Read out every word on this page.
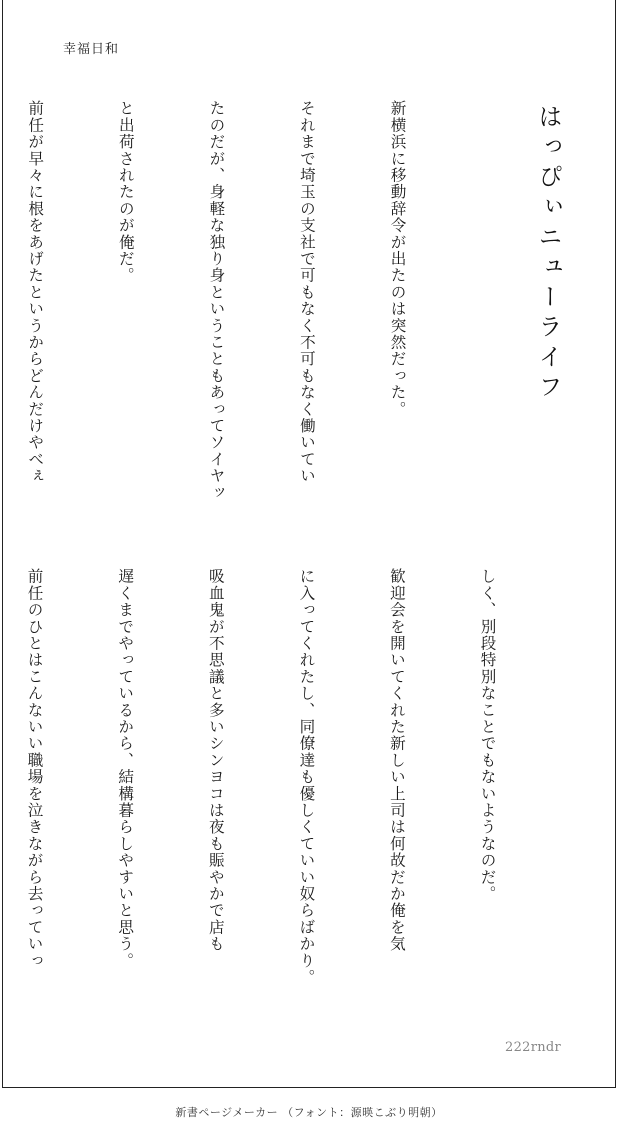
幸福日和
はっぴぃニューライフ

新横浜に移動辞令が出たのは突然だった。

それまで埼玉の支社で可もなく不可もなく働いてい

たのだが、身軽な独り身ということもあってソイヤッ

と出荷されたのが俺だ。

前任が早々に根をあげたというからどんだけやべぇ

しく、別段特別なことでもないようなのだ。

歓迎会を開いてくれた新しい上司は何故だか俺を気

に入ってくれたし、同僚達も優しくていい奴らばかり。

吸血鬼が不思議と多いシンヨコは夜も賑やかで店も

遅くまでやっているから、結構暮らしやすいと思う。

前任のひとはこんないい職場を泣きながら去っていっ

222rndr
新書ページメーカー （フォント：源暎こぶり明朝）
